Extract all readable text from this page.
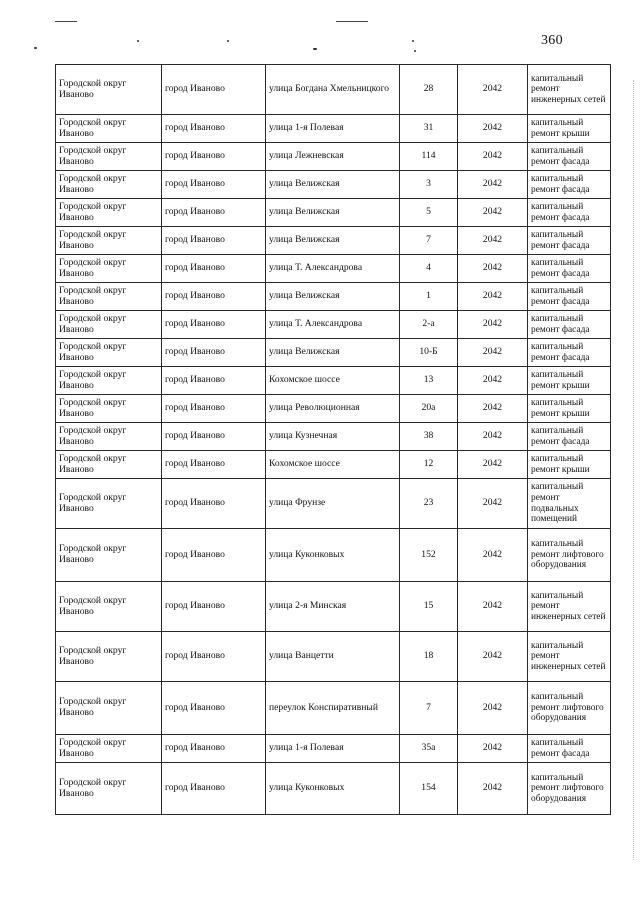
360
Городской округ Иваново	город Иваново	улица Богдана Хмельницкого	28	2042	капитальный ремонт инженерных сетей
Городской округ Иваново	город Иваново	улица 1-я Полевая	31	2042	капитальный ремонт крыши
Городской округ Иваново	город Иваново	улица Лежневская	114	2042	капитальный ремонт фасада
Городской округ Иваново	город Иваново	улица Велижская	3	2042	капитальный ремонт фасада
Городской округ Иваново	город Иваново	улица Велижская	5	2042	капитальный ремонт фасада
Городской округ Иваново	город Иваново	улица Велижская	7	2042	капитальный ремонт фасада
Городской округ Иваново	город Иваново	улица Т. Александрова	4	2042	капитальный ремонт фасада
Городской округ Иваново	город Иваново	улица Велижская	1	2042	капитальный ремонт фасада
Городской округ Иваново	город Иваново	улица Т. Александрова	2-а	2042	капитальный ремонт фасада
Городской округ Иваново	город Иваново	улица Велижская	10-Б	2042	капитальный ремонт фасада
Городской округ Иваново	город Иваново	Кохомское шоссе	13	2042	капитальный ремонт крыши
Городской округ Иваново	город Иваново	улица Революционная	20а	2042	капитальный ремонт крыши
Городской округ Иваново	город Иваново	улица Кузнечная	38	2042	капитальный ремонт фасада
Городской округ Иваново	город Иваново	Кохомское шоссе	12	2042	капитальный ремонт крыши
Городской округ Иваново	город Иваново	улица Фрунзе	23	2042	капитальный ремонт подвальных помещений
Городской округ Иваново	город Иваново	улица Куконковых	152	2042	капитальный ремонт лифтового оборудования
Городской округ Иваново	город Иваново	улица 2-я Минская	15	2042	капитальный ремонт инженерных сетей
Городской округ Иваново	город Иваново	улица Ванцетти	18	2042	капитальный ремонт инженерных сетей
Городской округ Иваново	город Иваново	переулок Конспиративный	7	2042	капитальный ремонт лифтового оборудования
Городской округ Иваново	город Иваново	улица 1-я Полевая	35а	2042	капитальный ремонт фасада
Городской округ Иваново	город Иваново	улица Куконковых	154	2042	капитальный ремонт лифтового оборудования
